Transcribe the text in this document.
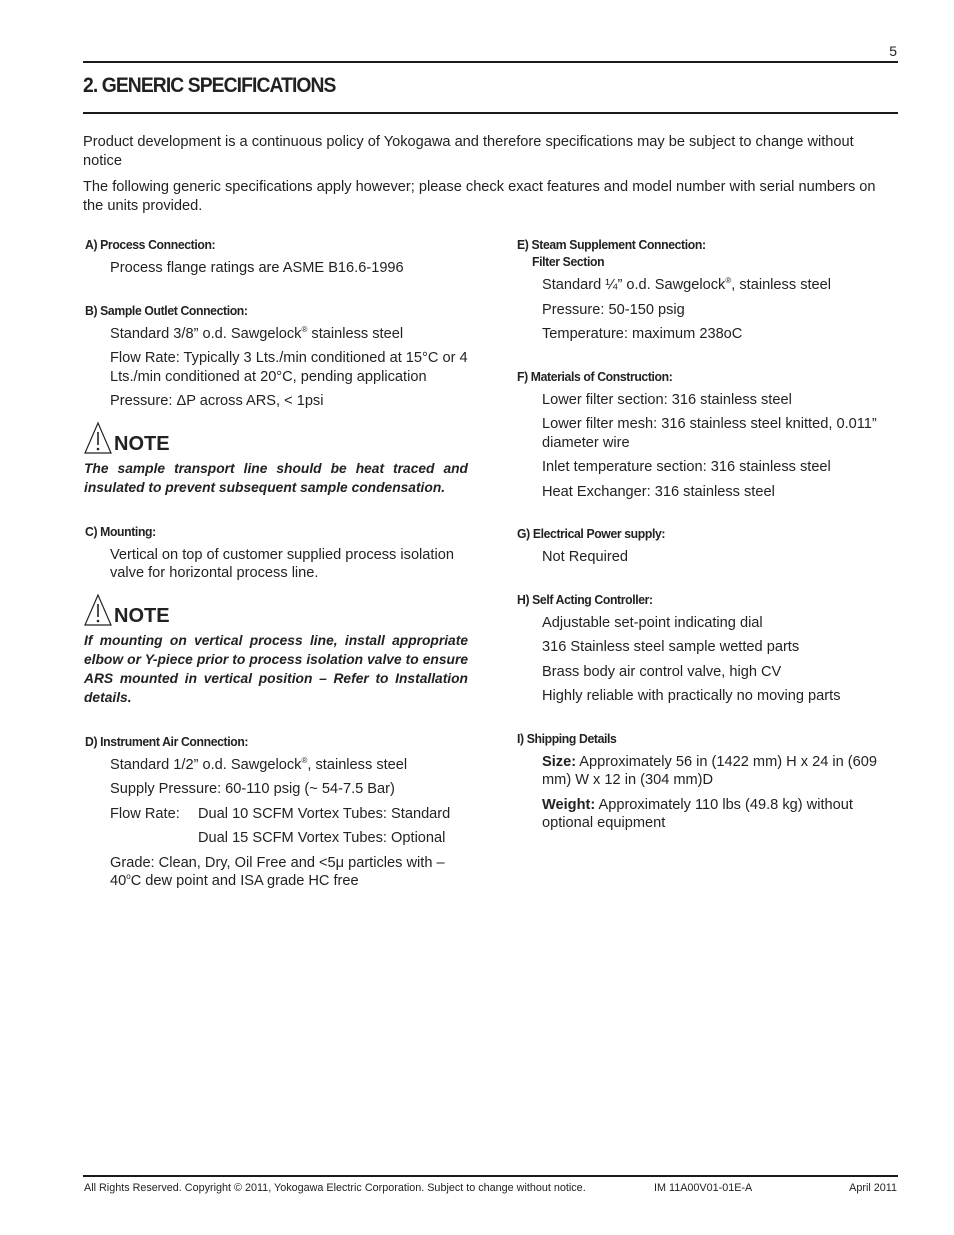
5
2. GENERIC SPECIFICATIONS

Product development is a continuous policy of Yokogawa and therefore specifications may be subject to change without notice

The following generic specifications apply however; please check exact features and model number with serial numbers on the units provided.

A) Process Connection:
Process flange ratings are ASME B16.6-1996
B) Sample Outlet Connection:
Standard 3/8” o.d. Sawgelock® stainless steel
Flow Rate: Typically 3 Lts./min conditioned at 15°C or 4 Lts./min conditioned at 20°C, pending application
Pressure: ΔP across ARS, < 1psi
NOTE
The sample transport line should be heat traced and insulated to prevent subsequent sample condensation.
C) Mounting:
Vertical on top of customer supplied process isolation valve for horizontal process line.
NOTE
If mounting on vertical process line, install appropriate elbow or Y-piece prior to process isolation valve to ensure ARS mounted in vertical position – Refer to Installation details.
D) Instrument Air Connection:
Standard 1/2” o.d. Sawgelock®, stainless steel
Supply Pressure: 60-110 psig (~ 54-7.5 Bar)
Flow Rate:	Dual 10 SCFM Vortex Tubes: Standard
Dual 15 SCFM Vortex Tubes: Optional
Grade: Clean, Dry, Oil Free and <5μ particles with –40$^o$C dew point and ISA grade HC free
E) Steam Supplement Connection:
Filter Section
Standard ¼” o.d. Sawgelock®, stainless steel
Pressure: 50-150 psig
Temperature: maximum 238oC
F) Materials of Construction:
Lower filter section: 316 stainless steel
Lower filter mesh: 316 stainless steel knitted, 0.011” diameter wire
Inlet temperature section: 316 stainless steel
Heat Exchanger: 316 stainless steel
G) Electrical Power supply:
Not Required
H) Self Acting Controller:
Adjustable set-point indicating dial
316 Stainless steel sample wetted parts
Brass body air control valve, high CV
Highly reliable with practically no moving parts
I) Shipping Details
Size: Approximately 56 in (1422 mm) H x 24 in (609 mm) W x 12 in (304 mm)D
Weight: Approximately 110 lbs (49.8 kg) without optional equipment
All Rights Reserved. Copyright © 2011, Yokogawa Electric Corporation. Subject to change without notice.	IM 11A00V01-01E-A	April 2011
